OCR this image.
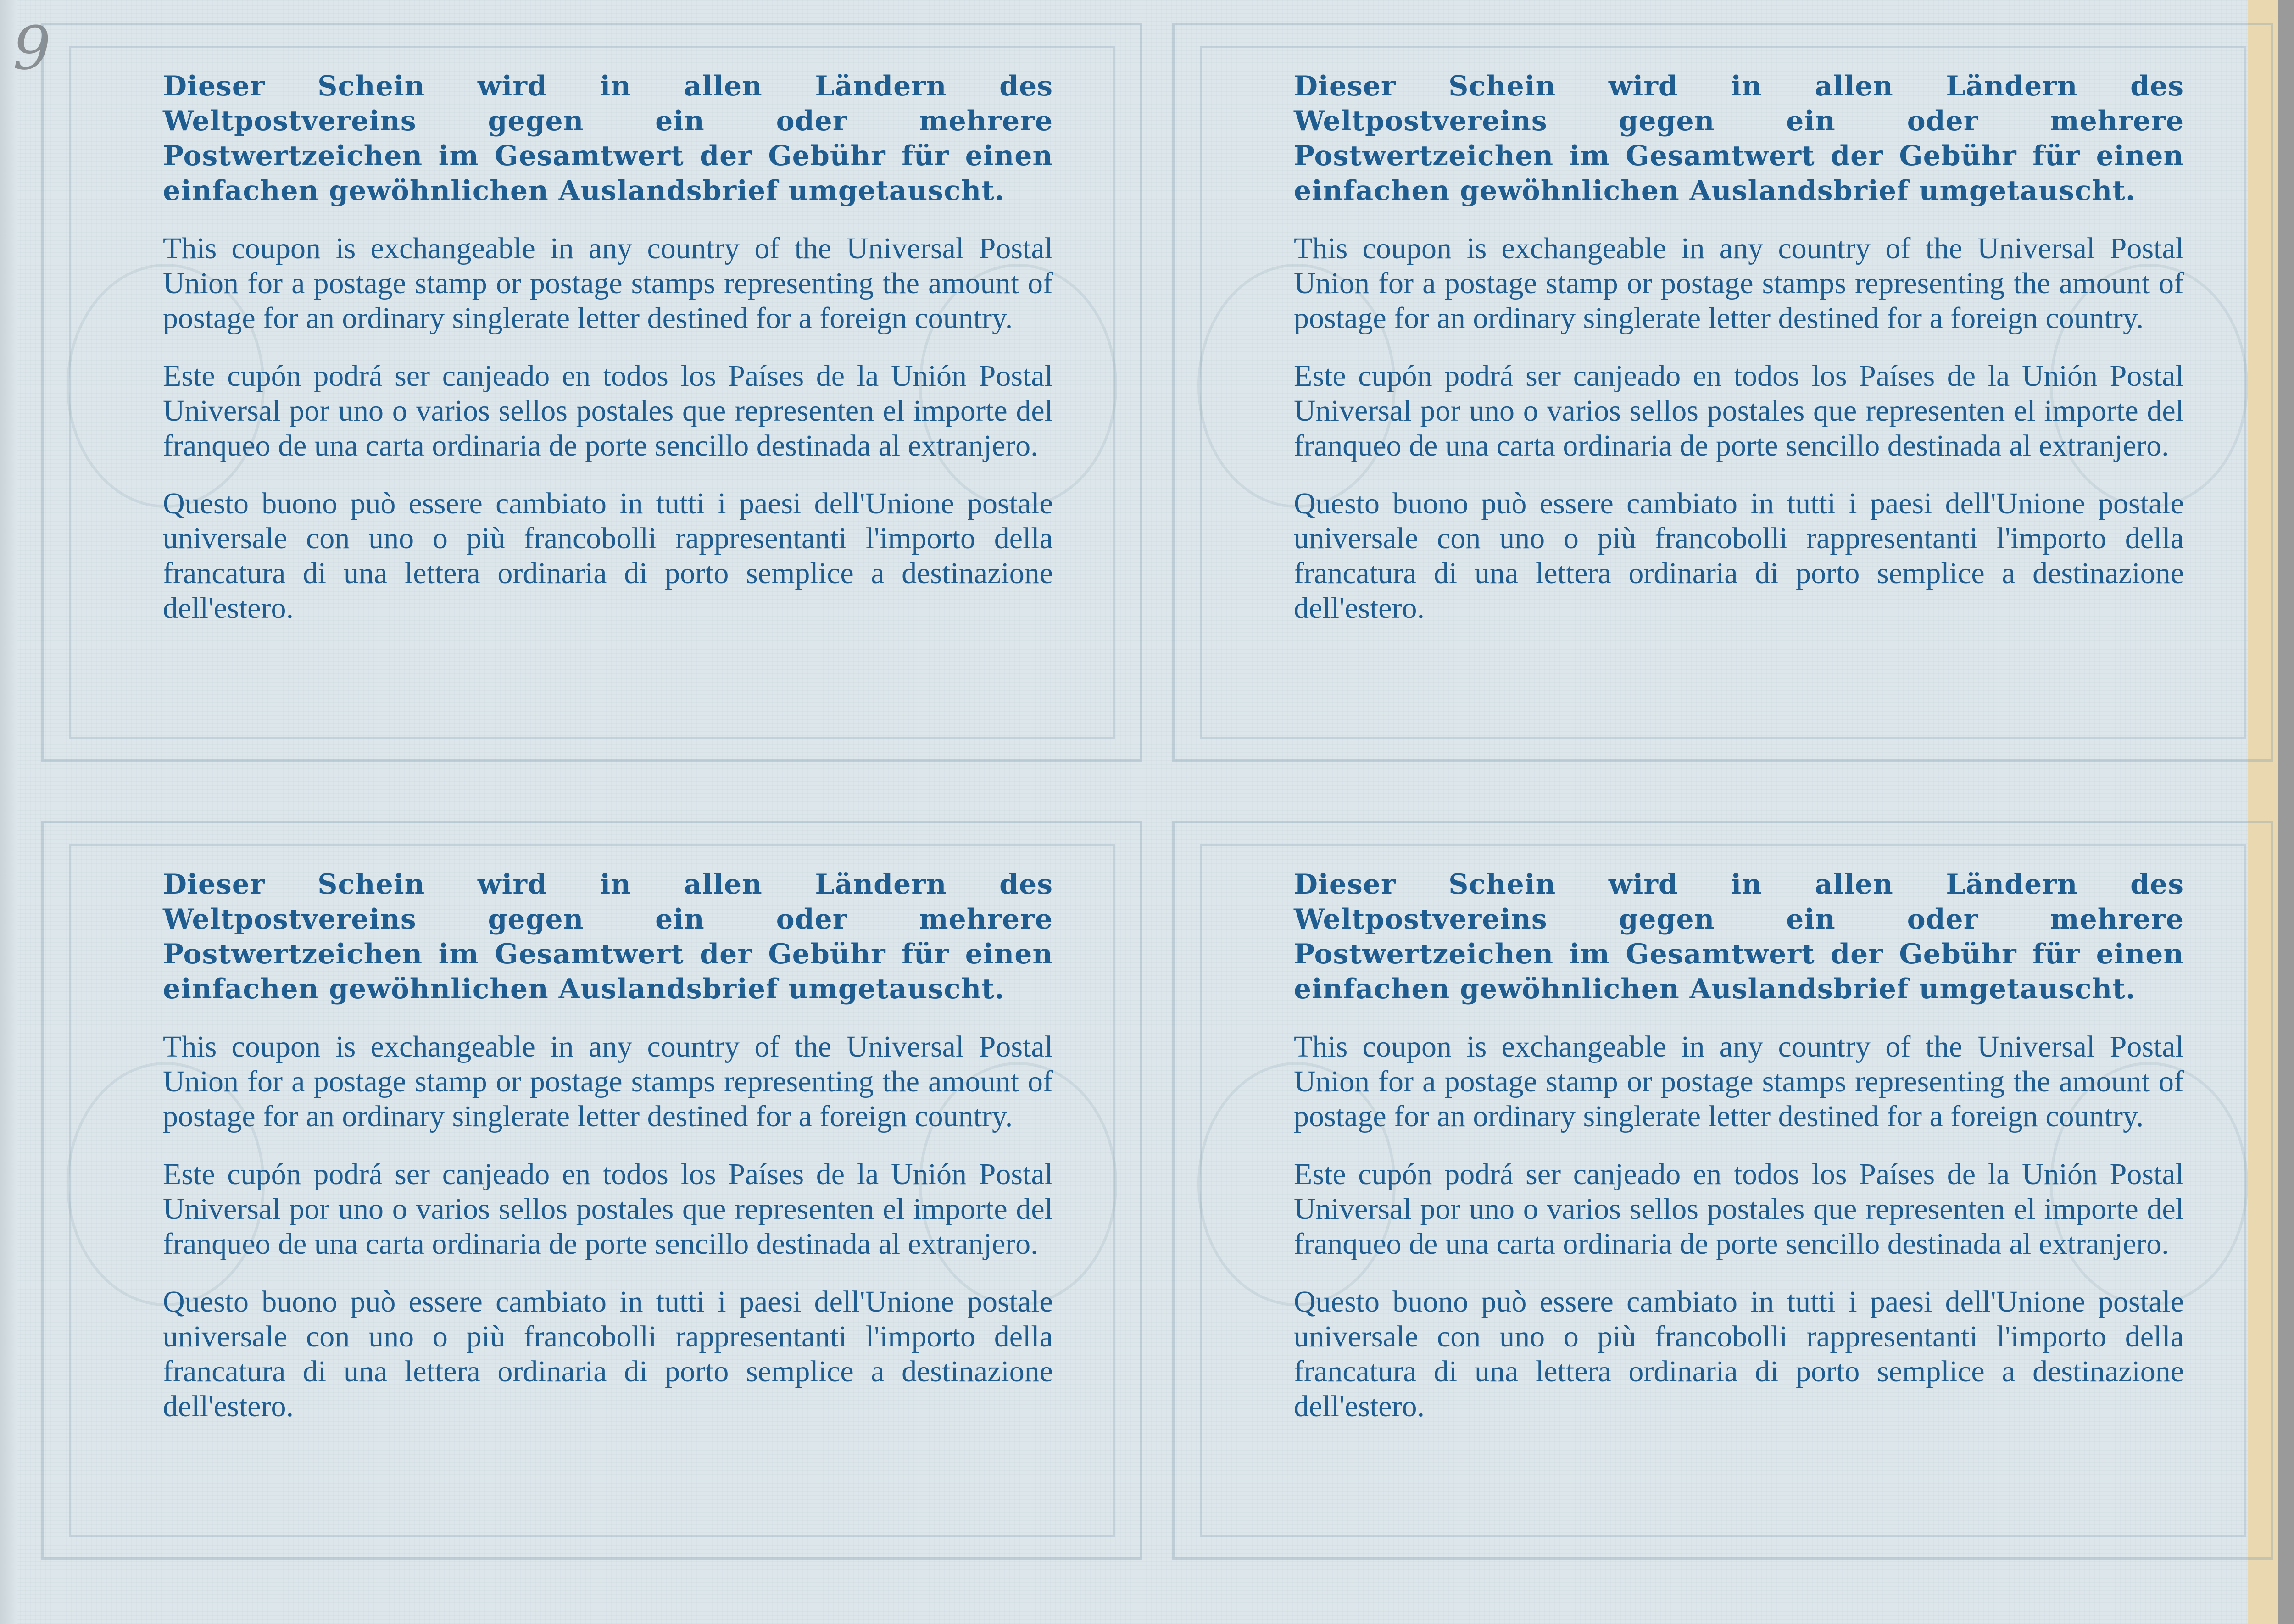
9

Dieser Schein wird in allen Ländern des Weltpostvereins gegen ein oder mehrere Postwertzeichen im Gesamtwert der Gebühr für einen einfachen gewöhnlichen Auslandsbrief umgetauscht.

This coupon is exchangeable in any country of the Universal Postal Union for a postage stamp or postage stamps representing the amount of postage for an ordinary singlerate letter destined for a foreign country.

Este cupón podrá ser canjeado en todos los Países de la Unión Postal Universal por uno o varios sellos postales que representen el importe del franqueo de una carta ordinaria de porte sencillo destinada al extranjero.

Questo buono può essere cambiato in tutti i paesi dell'Unione postale universale con uno o più francobolli rappresentanti l'importo della francatura di una lettera ordinaria di porto semplice a destinazione dell'estero.

Dieser Schein wird in allen Ländern des Weltpostvereins gegen ein oder mehrere Postwertzeichen im Gesamtwert der Gebühr für einen einfachen gewöhnlichen Auslandsbrief umgetauscht.

This coupon is exchangeable in any country of the Universal Postal Union for a postage stamp or postage stamps representing the amount of postage for an ordinary singlerate letter destined for a foreign country.

Este cupón podrá ser canjeado en todos los Países de la Unión Postal Universal por uno o varios sellos postales que representen el importe del franqueo de una carta ordinaria de porte sencillo destinada al extranjero.

Questo buono può essere cambiato in tutti i paesi dell'Unione postale universale con uno o più francobolli rappresentanti l'importo della francatura di una lettera ordinaria di porto semplice a destinazione dell'estero.

Dieser Schein wird in allen Ländern des Weltpostvereins gegen ein oder mehrere Postwertzeichen im Gesamtwert der Gebühr für einen einfachen gewöhnlichen Auslandsbrief umgetauscht.

This coupon is exchangeable in any country of the Universal Postal Union for a postage stamp or postage stamps representing the amount of postage for an ordinary singlerate letter destined for a foreign country.

Este cupón podrá ser canjeado en todos los Países de la Unión Postal Universal por uno o varios sellos postales que representen el importe del franqueo de una carta ordinaria de porte sencillo destinada al extranjero.

Questo buono può essere cambiato in tutti i paesi dell'Unione postale universale con uno o più francobolli rappresentanti l'importo della francatura di una lettera ordinaria di porto semplice a destinazione dell'estero.

Dieser Schein wird in allen Ländern des Weltpostvereins gegen ein oder mehrere Postwertzeichen im Gesamtwert der Gebühr für einen einfachen gewöhnlichen Auslandsbrief umgetauscht.

This coupon is exchangeable in any country of the Universal Postal Union for a postage stamp or postage stamps representing the amount of postage for an ordinary singlerate letter destined for a foreign country.

Este cupón podrá ser canjeado en todos los Países de la Unión Postal Universal por uno o varios sellos postales que representen el importe del franqueo de una carta ordinaria de porte sencillo destinada al extranjero.

Questo buono può essere cambiato in tutti i paesi dell'Unione postale universale con uno o più francobolli rappresentanti l'importo della francatura di una lettera ordinaria di porto semplice a destinazione dell'estero.
